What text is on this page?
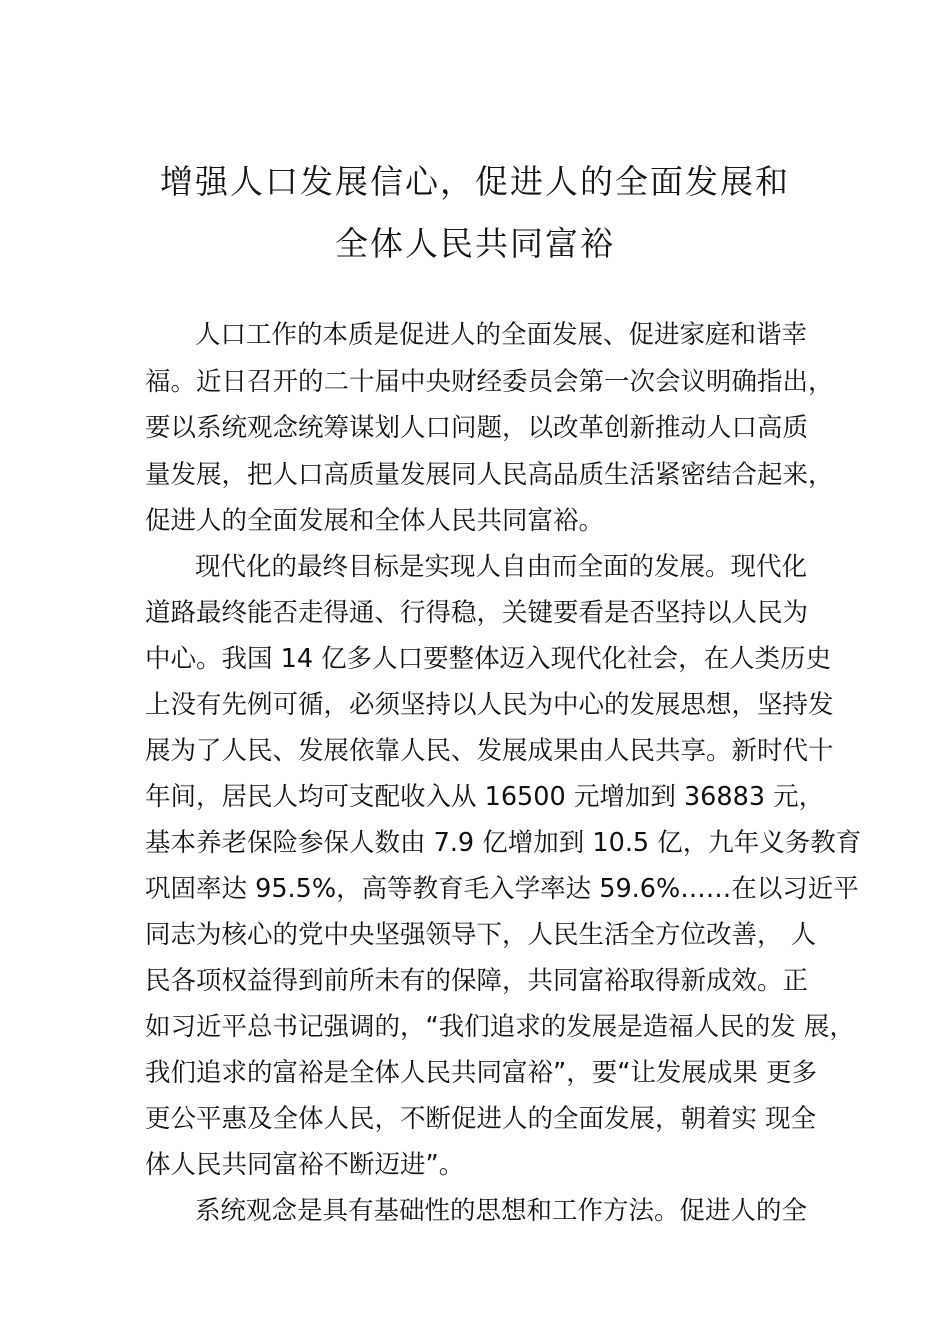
增强人口发展信心，促进人的全面发展和
全体人民共同富裕
人口工作的本质是促进人的全面发展、促进家庭和谐幸
福。近日召开的二十届中央财经委员会第一次会议明确指出，
要以系统观念统筹谋划人口问题，以改革创新推动人口高质
量发展，把人口高质量发展同人民高品质生活紧密结合起来，
促进人的全面发展和全体人民共同富裕。
现代化的最终目标是实现人自由而全面的发展。现代化
道路最终能否走得通、行得稳，关键要看是否坚持以人民为
中心。我国 14 亿多人口要整体迈入现代化社会，在人类历史
上没有先例可循，必须坚持以人民为中心的发展思想，坚持发
展为了人民、发展依靠人民、发展成果由人民共享。新时代十
年间，居民人均可支配收入从 16500 元增加到 36883 元，
基本养老保险参保人数由 7.9 亿增加到 10.5 亿，九年义务教育
巩固率达 95.5%，高等教育毛入学率达 59.6%……在以习近平
同志为核心的党中央坚强领导下，人民生活全方位改善， 人
民各项权益得到前所未有的保障，共同富裕取得新成效。正
如习近平总书记强调的，“我们追求的发展是造福人民的发 展，
我们追求的富裕是全体人民共同富裕”，要“让发展成果 更多
更公平惠及全体人民，不断促进人的全面发展，朝着实 现全
体人民共同富裕不断迈进”。
系统观念是具有基础性的思想和工作方法。促进人的全
